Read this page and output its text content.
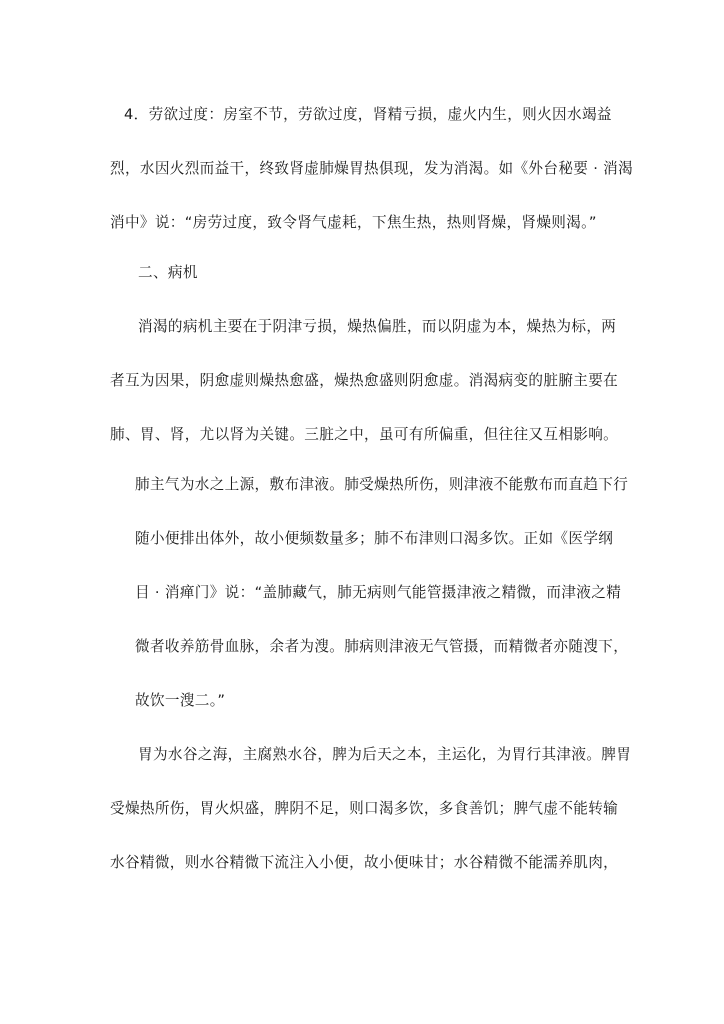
4．劳欲过度：房室不节，劳欲过度，肾精亏损，虚火内生，则火因水竭益
烈，水因火烈而益干，终致肾虚肺燥胃热俱现，发为消渴。如《外台秘要 · 消渴
消中》说：“房劳过度，致令肾气虚耗，下焦生热，热则肾燥，肾燥则渴。”
二、病机
消渴的病机主要在于阴津亏损，燥热偏胜，而以阴虚为本，燥热为标，两
者互为因果，阴愈虚则燥热愈盛，燥热愈盛则阴愈虚。消渴病变的脏腑主要在
肺、胃、肾，尤以肾为关键。三脏之中，虽可有所偏重，但往往又互相影响。
肺主气为水之上源，敷布津液。肺受燥热所伤，则津液不能敷布而直趋下行
随小便排出体外，故小便频数量多；肺不布津则口渴多饮。正如《医学纲
目 · 消瘅门》说：“盖肺藏气，肺无病则气能管摄津液之精微，而津液之精
微者收养筋骨血脉，余者为溲。肺病则津液无气管摄，而精微者亦随溲下，
故饮一溲二。”
胃为水谷之海，主腐熟水谷，脾为后天之本，主运化，为胃行其津液。脾胃
受燥热所伤，胃火炽盛，脾阴不足，则口渴多饮，多食善饥；脾气虚不能转输
水谷精微，则水谷精微下流注入小便，故小便味甘；水谷精微不能濡养肌肉，
